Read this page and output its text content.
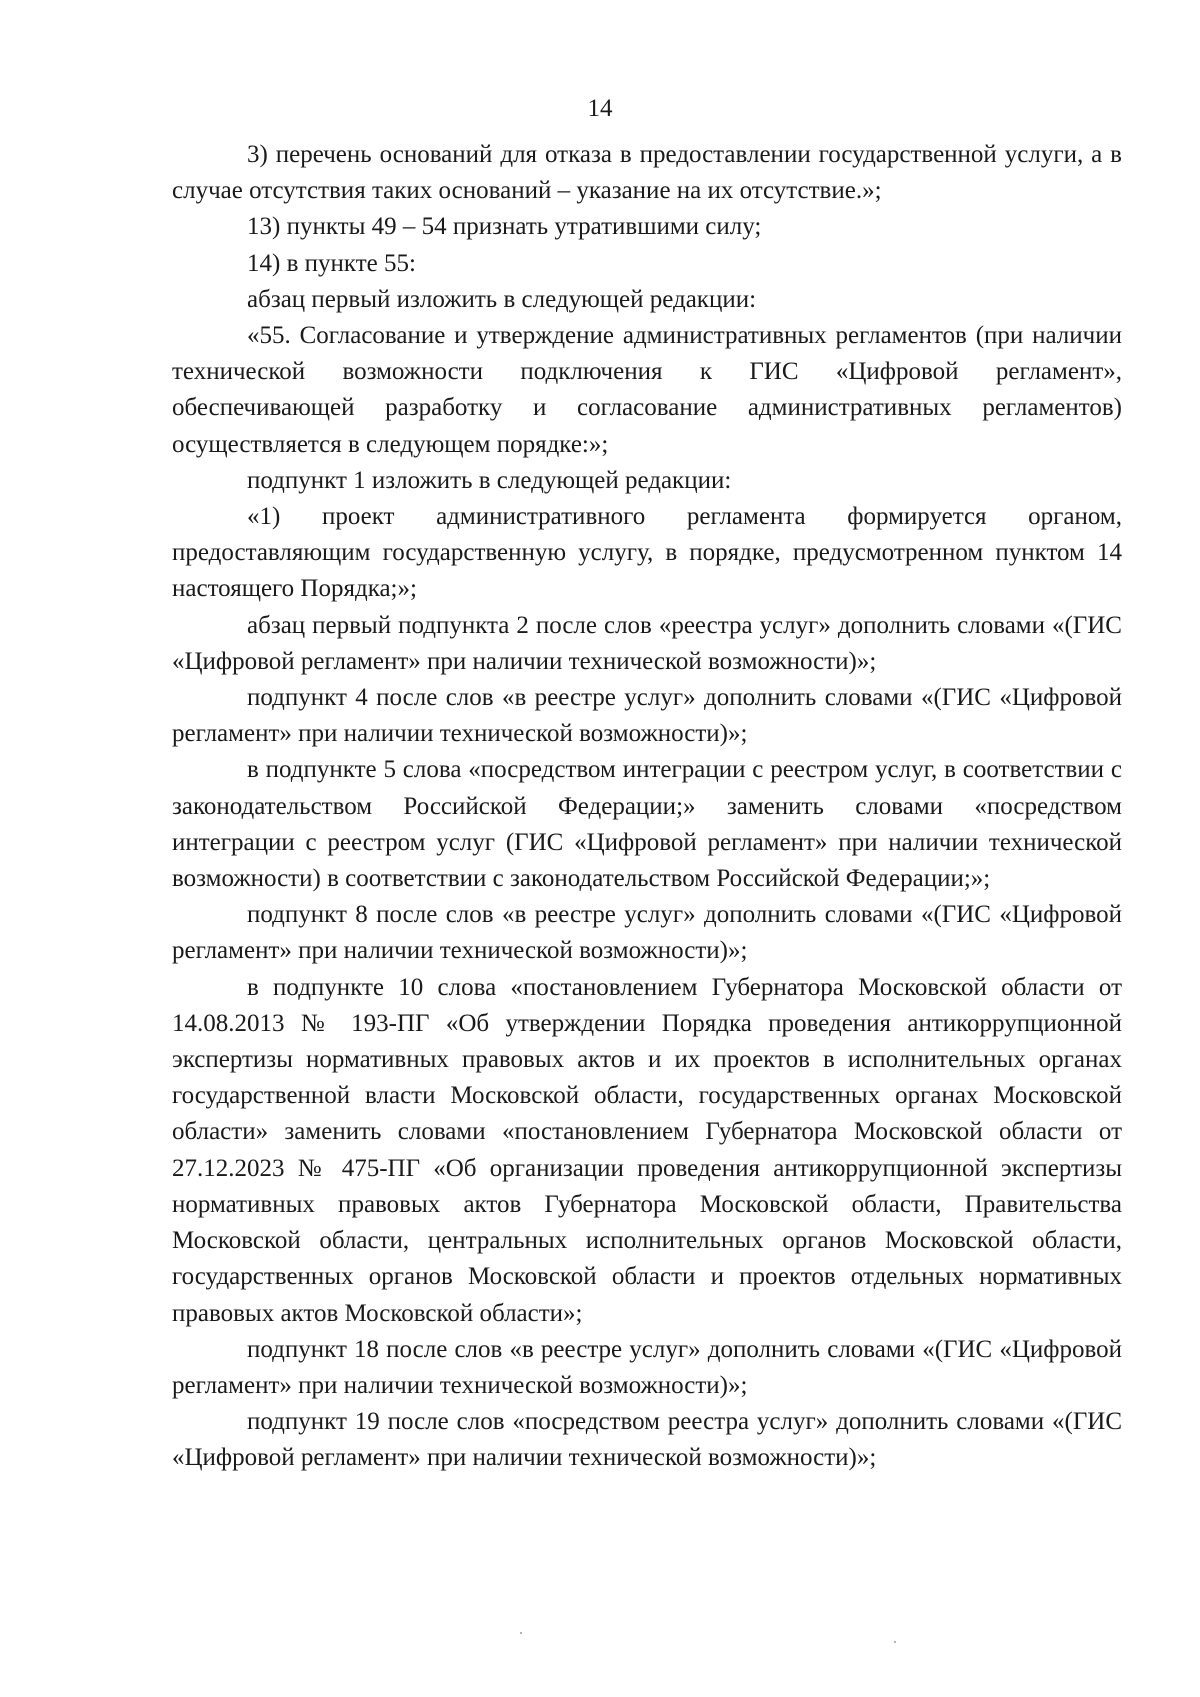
14

3) перечень оснований для отказа в предоставлении государственной услуги, а в случае отсутствия таких оснований – указание на их отсутствие.»;

13) пункты 49 – 54 признать утратившими силу;

14) в пункте 55:

абзац первый изложить в следующей редакции:

«55. Согласование и утверждение административных регламентов (при наличии технической возможности подключения к ГИС «Цифровой регламент», обеспечивающей разработку и согласование административных регламентов) осуществляется в следующем порядке:»;

подпункт 1 изложить в следующей редакции:

«1) проект административного регламента формируется органом, предоставляющим государственную услугу, в порядке, предусмотренном пунктом 14 настоящего Порядка;»;

абзац первый подпункта 2 после слов «реестра услуг» дополнить словами «(ГИС «Цифровой регламент» при наличии технической возможности)»;

подпункт 4 после слов «в реестре услуг» дополнить словами «(ГИС «Цифровой регламент» при наличии технической возможности)»;

в подпункте 5 слова «посредством интеграции с реестром услуг, в соответствии с законодательством Российской Федерации;» заменить словами «посредством интеграции с реестром услуг (ГИС «Цифровой регламент» при наличии технической возможности) в соответствии с законодательством Российской Федерации;»;

подпункт 8 после слов «в реестре услуг» дополнить словами «(ГИС «Цифровой регламент» при наличии технической возможности)»;

в подпункте 10 слова «постановлением Губернатора Московской области от 14.08.2013 № 193-ПГ «Об утверждении Порядка проведения антикоррупционной экспертизы нормативных правовых актов и их проектов в исполнительных органах государственной власти Московской области, государственных органах Московской области» заменить словами «постановлением Губернатора Московской области от 27.12.2023 № 475-ПГ «Об организации проведения антикоррупционной экспертизы нормативных правовых актов Губернатора Московской области, Правительства Московской области, центральных исполнительных органов Московской области, государственных органов Московской области и проектов отдельных нормативных правовых актов Московской области»;

подпункт 18 после слов «в реестре услуг» дополнить словами «(ГИС «Цифровой регламент» при наличии технической возможности)»;

подпункт 19 после слов «посредством реестра услуг» дополнить словами «(ГИС «Цифровой регламент» при наличии технической возможности)»;
